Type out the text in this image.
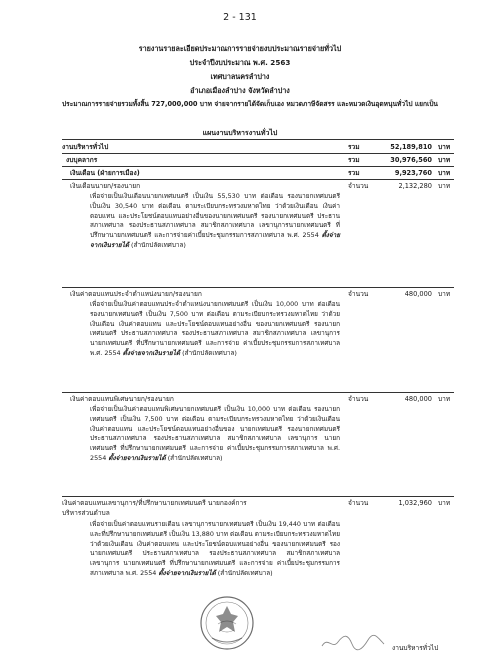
2 - 131
รายงานรายละเอียดประมาณการรายจ่ายงบประมาณรายจ่ายทั่วไป
ประจำปีงบประมาณ พ.ศ. 2563
เทศบาลนครลำปาง
อำเภอเมืองลำปาง จังหวัดลำปาง
ประมาณการรายจ่ายรวมทั้งสิ้น 727,000,000 บาท จ่ายจากรายได้จัดเก็บเอง หมวดภาษีจัดสรร และหมวดเงินอุดหนุนทั่วไป แยกเป็น
แผนงานบริหารงานทั่วไป
งานบริหารทั่วไป	รวม	52,189,810 บาท
งบบุคลากร	รวม	30,976,560 บาท
เงินเดือน (ฝ่ายการเมือง)	รวม	9,923,760 บาท
เงินเดือนนายก/รองนายก	จำนวน	2,132,280 บาท
เพื่อจ่ายเป็นเงินเดือนนายกเทศมนตรี เป็นเงิน 55,530 บาท ต่อเดือน รองนายกเทศมนตรี เป็นเงิน 30,540 บาท ต่อเดือน ตามระเบียบกระทรวงมหาดไทย ว่าด้วยเงินเดือน เงินค่าตอบแทน และประโยชน์ตอบแทนอย่างอื่นของนายกเทศมนตรี รองนายกเทศมนตรี ประธานสภาเทศบาล รองประธานสภาเทศบาล สมาชิกสภาเทศบาล เลขานุการนายกเทศมนตรี ที่ปรึกษานายกเทศมนตรี และการจ่ายค่าเบี้ยประชุมกรรมการสภาเทศบาล พ.ศ. 2554 ตั้งจ่ายจากเงินรายได้ (สำนักปลัดเทศบาล)
เงินค่าตอบแทนประจำตำแหน่งนายก/รองนายก	จำนวน	480,000 บาท
เพื่อจ่ายเป็นเงินค่าตอบแทนประจำตำแหน่งนายกเทศมนตรี เป็นเงิน 10,000 บาท ต่อเดือน รองนายกเทศมนตรี เป็นเงิน 7,500 บาท ต่อเดือน ตามระเบียบกระทรวงมหาดไทย ว่าด้วย เงินเดือน เงินค่าตอบแทน และประโยชน์ตอบแทนอย่างอื่น ของนายกเทศมนตรี รองนายกเทศมนตรี ประธานสภาเทศบาล รองประธานสภาเทศบาล สมาชิกสภาเทศบาล เลขานุการนายกเทศมนตรี ที่ปรึกษานายกเทศมนตรี และการจ่าย ค่าเบี้ยประชุมกรรมการสภาเทศบาล พ.ศ. 2554 ตั้งจ่ายจากเงินรายได้ (สำนักปลัดเทศบาล)
เงินค่าตอบแทนพิเศษนายก/รองนายก	จำนวน	480,000 บาท
เพื่อจ่ายเป็นเงินค่าตอบแทนพิเศษนายกเทศมนตรี เป็นเงิน 10,000 บาท ต่อเดือน รองนายกเทศมนตรี เป็นเงิน 7,500 บาท ต่อเดือน ตามระเบียบกระทรวงมหาดไทย ว่าด้วยเงินเดือน เงินค่าตอบแทน และประโยชน์ตอบแทนอย่างอื่นของ นายกเทศมนตรี รองนายกเทศมนตรี ประธานสภาเทศบาล รองประธานสภาเทศบาล สมาชิกสภาเทศบาล เลขานุการ นายกเทศมนตรี ที่ปรึกษานายกเทศมนตรี และการจ่าย ค่าเบี้ยประชุมกรรมการสภาเทศบาล พ.ศ. 2554 ตั้งจ่ายจากเงินรายได้ (สำนักปลัดเทศบาล)
เงินค่าตอบแทนเลขานุการ/ที่ปรึกษานายกเทศมนตรี นายกองค์การ	จำนวน	1,032,960 บาท
บริหารส่วนตำบล
เพื่อจ่ายเป็นค่าตอบแทนรายเดือน เลขานุการนายกเทศมนตรี เป็นเงิน 19,440 บาท ต่อเดือน และที่ปรึกษานายกเทศมนตรี เป็นเงิน 13,880 บาท ต่อเดือน ตามระเบียบกระทรวงมหาดไทย ว่าด้วยเงินเดือน เงินค่าตอบแทน และประโยชน์ตอบแทนอย่างอื่น ของนายกเทศมนตรี รองนายกเทศมนตรี ประธานสภาเทศบาล รองประธานสภาเทศบาล สมาชิกสภาเทศบาล เลขานุการ นายกเทศมนตรี ที่ปรึกษานายกเทศมนตรี และการจ่าย ค่าเบี้ยประชุมกรรมการสภาเทศบาล พ.ศ. 2554 ตั้งจ่ายจากเงินรายได้ (สำนักปลัดเทศบาล)
งานบริหารทั่วไป
